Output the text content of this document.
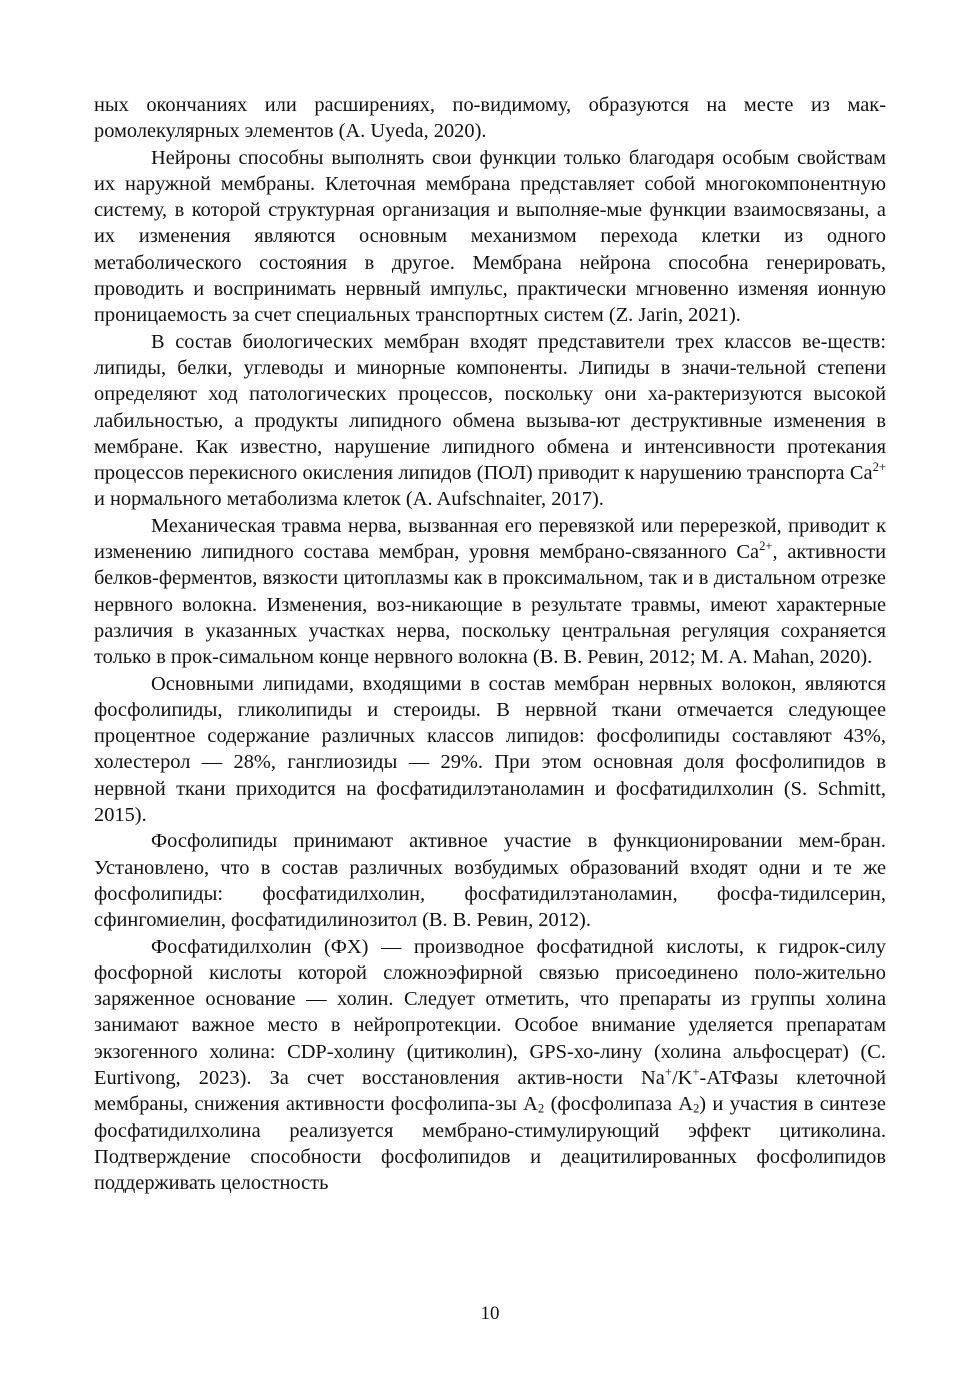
ных окончаниях или расширениях, по-видимому, образуются на месте из мак-ромолекулярных элементов (A. Uyeda, 2020).

Нейроны способны выполнять свои функции только благодаря особым свойствам их наружной мембраны. Клеточная мембрана представляет собой многокомпонентную систему, в которой структурная организация и выполняе-мые функции взаимосвязаны, а их изменения являются основным механизмом перехода клетки из одного метаболического состояния в другое. Мембрана нейрона способна генерировать, проводить и воспринимать нервный импульс, практически мгновенно изменяя ионную проницаемость за счет специальных транспортных систем (Z. Jarin, 2021).

В состав биологических мембран входят представители трех классов ве-ществ: липиды, белки, углеводы и минорные компоненты. Липиды в значи-тельной степени определяют ход патологических процессов, поскольку они ха-рактеризуются высокой лабильностью, а продукты липидного обмена вызыва-ют деструктивные изменения в мембране. Как известно, нарушение липидного обмена и интенсивности протекания процессов перекисного окисления липидов (ПОЛ) приводит к нарушению транспорта $Ca^{2+}$ и нормального метаболизма клеток (A. Aufschnaiter, 2017).

Механическая травма нерва, вызванная его перевязкой или перерезкой, приводит к изменению липидного состава мембран, уровня мембрано-связанного $Ca^{2+}$, активности белков-ферментов, вязкости цитоплазмы как в проксимальном, так и в дистальном отрезке нервного волокна. Изменения, воз-никающие в результате травмы, имеют характерные различия в указанных участках нерва, поскольку центральная регуляция сохраняется только в прок-симальном конце нервного волокна (В. В. Ревин, 2012; M. A. Mahan, 2020).

Основными липидами, входящими в состав мембран нервных волокон, являются фосфолипиды, гликолипиды и стероиды. В нервной ткани отмечается следующее процентное содержание различных классов липидов: фосфолипиды составляют 43%, холестерол — 28%, ганглиозиды — 29%. При этом основная доля фосфолипидов в нервной ткани приходится на фосфатидилэтаноламин и фосфатидилхолин (S. Schmitt, 2015).

Фосфолипиды принимают активное участие в функционировании мем-бран. Установлено, что в состав различных возбудимых образований входят одни и те же фосфолипиды: фосфатидилхолин, фосфатидилэтаноламин, фосфа-тидилсерин, сфингомиелин, фосфатидилинозитол (В. В. Ревин, 2012).

Фосфатидилхолин (ФХ) — производное фосфатидной кислоты, к гидрок-силу фосфорной кислоты которой сложноэфирной связью присоединено поло-жительно заряженное основание — холин. Следует отметить, что препараты из группы холина занимают важное место в нейропротекции. Особое внимание уделяется препаратам экзогенного холина: CDP-холину (цитиколин), GPS-хо-лину (холина альфосцерат) (C. Eurtivong, 2023). За счет восстановления актив-ности Na+/K+-АТФазы клеточной мембраны, снижения активности фосфолипа-зы $A_2$ (фосфолипаза $A_2$) и участия в синтезе фосфатидилхолина реализуется мембрано-стимулирующий эффект цитиколина. Подтверждение способности фосфолипидов и деацитилированных фосфолипидов поддерживать целостность

10
